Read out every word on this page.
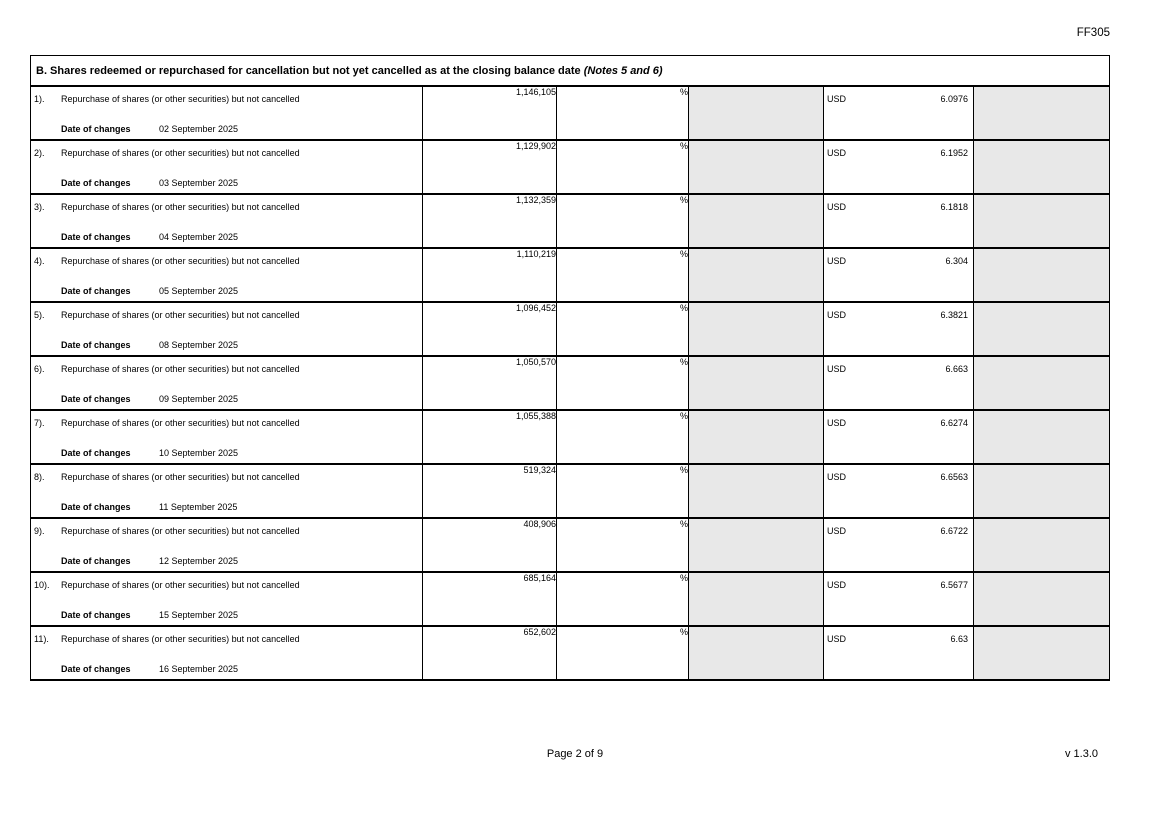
FF305
B. Shares redeemed or repurchased for cancellation but not yet cancelled as at the closing balance date (Notes 5 and 6)					

1). Repurchase of shares (or other securities) but not cancelled
Date of changes 02 September 2025	1,146,105	%		USD 6.0976	

2). Repurchase of shares (or other securities) but not cancelled
Date of changes 03 September 2025	1,129,902	%		USD 6.1952	

3). Repurchase of shares (or other securities) but not cancelled
Date of changes 04 September 2025	1,132,359	%		USD 6.1818	

4). Repurchase of shares (or other securities) but not cancelled
Date of changes 05 September 2025	1,110,219	%		USD 6.304	

5). Repurchase of shares (or other securities) but not cancelled
Date of changes 08 September 2025	1,096,452	%		USD 6.3821	

6). Repurchase of shares (or other securities) but not cancelled
Date of changes 09 September 2025	1,050,570	%		USD 6.663	

7). Repurchase of shares (or other securities) but not cancelled
Date of changes 10 September 2025	1,055,388	%		USD 6.6274	

8). Repurchase of shares (or other securities) but not cancelled
Date of changes 11 September 2025	519,324	%		USD 6.6563	

9). Repurchase of shares (or other securities) but not cancelled
Date of changes 12 September 2025	408,906	%		USD 6.6722	

10). Repurchase of shares (or other securities) but not cancelled
Date of changes 15 September 2025	685,164	%		USD 6.5677	

11). Repurchase of shares (or other securities) but not cancelled
Date of changes 16 September 2025	652,602	%		USD 6.63	

Page 2 of 9	v 1.3.0
